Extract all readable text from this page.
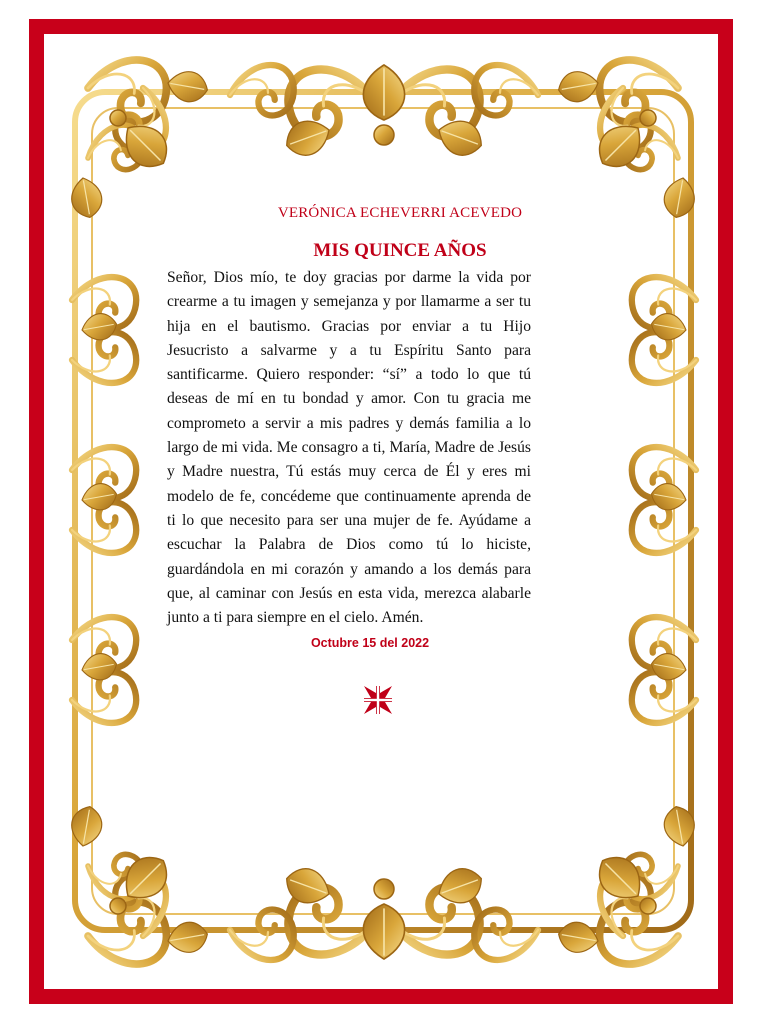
VERÓNICA ECHEVERRI ACEVEDO
MIS QUINCE AÑOS

Señor, Dios mío, te doy gracias por darme la vida por crearme a tu imagen y semejanza y por llamarme a ser tu hija en el bautismo. Gracias por enviar a tu Hijo Jesucristo a salvarme y a tu Espíritu Santo para santificarme. Quiero responder: “sí” a todo lo que tú deseas de mí en tu bondad y amor. Con tu gracia me comprometo a servir a mis padres y demás familia a lo largo de mi vida. Me consagro a ti, María, Madre de Jesús y Madre nuestra, Tú estás muy cerca de Él y eres mi modelo de fe, concédeme que continuamente aprenda de ti lo que necesito para ser una mujer de fe. Ayúdame a escuchar la Palabra de Dios como tú lo hiciste, guardándola en mi corazón y amando a los demás para que, al caminar con Jesús en esta vida, merezca alabarle junto a ti para siempre en el cielo. Amén.

Octubre 15 del 2022
